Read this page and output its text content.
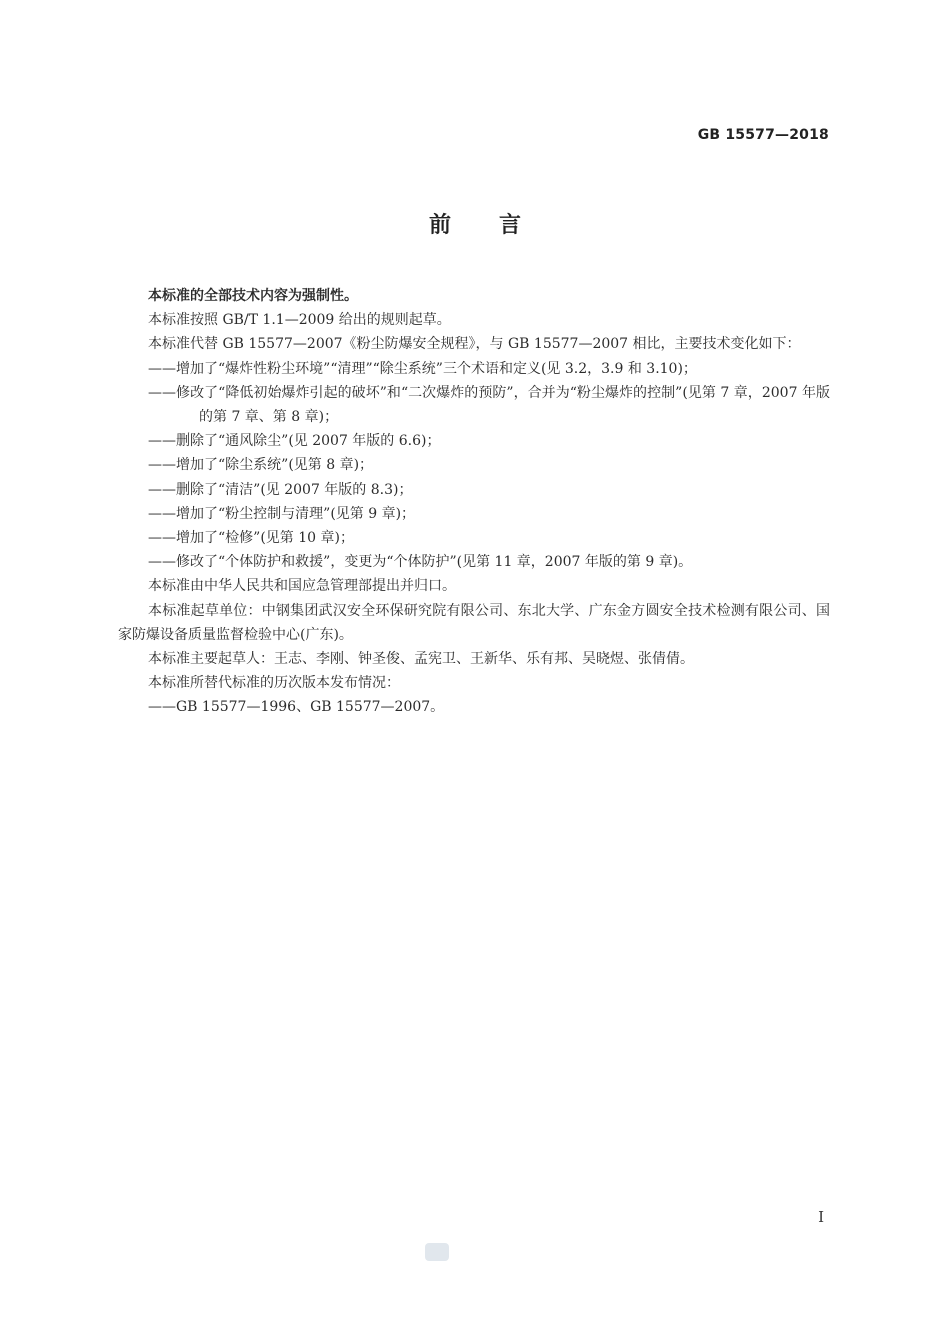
GB 15577—2018
前言

本标准的全部技术内容为强制性。

本标准按照 GB/T 1.1—2009 给出的规则起草。

本标准代替 GB 15577—2007《粉尘防爆安全规程》，与 GB 15577—2007 相比，主要技术变化如下：

——增加了“爆炸性粉尘环境”“清理”“除尘系统”三个术语和定义(见 3.2，3.9 和 3.10)；

——修改了“降低初始爆炸引起的破坏”和“二次爆炸的预防”，合并为“粉尘爆炸的控制”(见第 7 章，2007 年版的第 7 章、第 8 章)；

——删除了“通风除尘”(见 2007 年版的 6.6)；

——增加了“除尘系统”(见第 8 章)；

——删除了“清洁”(见 2007 年版的 8.3)；

——增加了“粉尘控制与清理”(见第 9 章)；

——增加了“检修”(见第 10 章)；

——修改了“个体防护和救援”，变更为“个体防护”(见第 11 章，2007 年版的第 9 章)。

本标准由中华人民共和国应急管理部提出并归口。

本标准起草单位：中钢集团武汉安全环保研究院有限公司、东北大学、广东金方圆安全技术检测有限公司、国家防爆设备质量监督检验中心(广东)。

本标准主要起草人：王志、李刚、钟圣俊、孟宪卫、王新华、乐有邦、吴晓煜、张倩倩。

本标准所替代标准的历次版本发布情况：

——GB 15577—1996、GB 15577—2007。

I
